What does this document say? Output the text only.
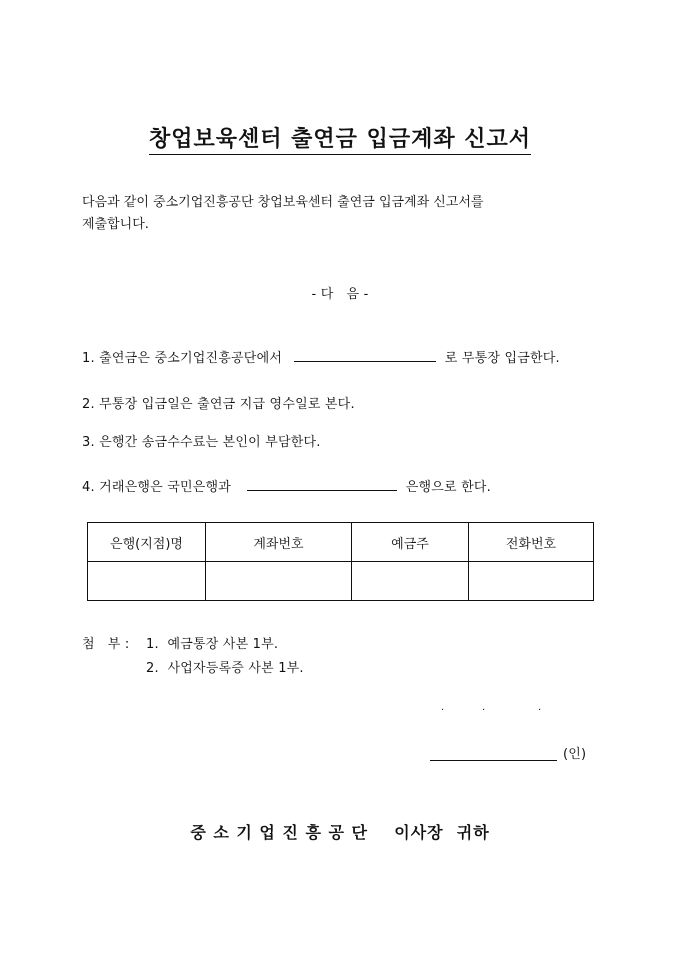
창업보육센터 출연금 입금계좌 신고서
다음과 같이 중소기업진흥공단 창업보육센터 출연금 입금계좌 신고서를
제출합니다.
- 다   음 -
1. 출연금은 중소기업진흥공단에서	로 무통장 입금한다.
2. 무통장 입금일은 출연금 지급 영수일로 본다.
3. 은행간 송금수수료는 본인이 부담한다.
4. 거래은행은 국민은행과	은행으로 한다.
은행(지점)명	계좌번호	예금주	전화번호

첨   부 : 1.  예금통장 사본 1부.
2.  사업자등록증 사본 1부.
·	·	·
(인)
중 소 기 업 진 흥 공 단    이사장  귀하
